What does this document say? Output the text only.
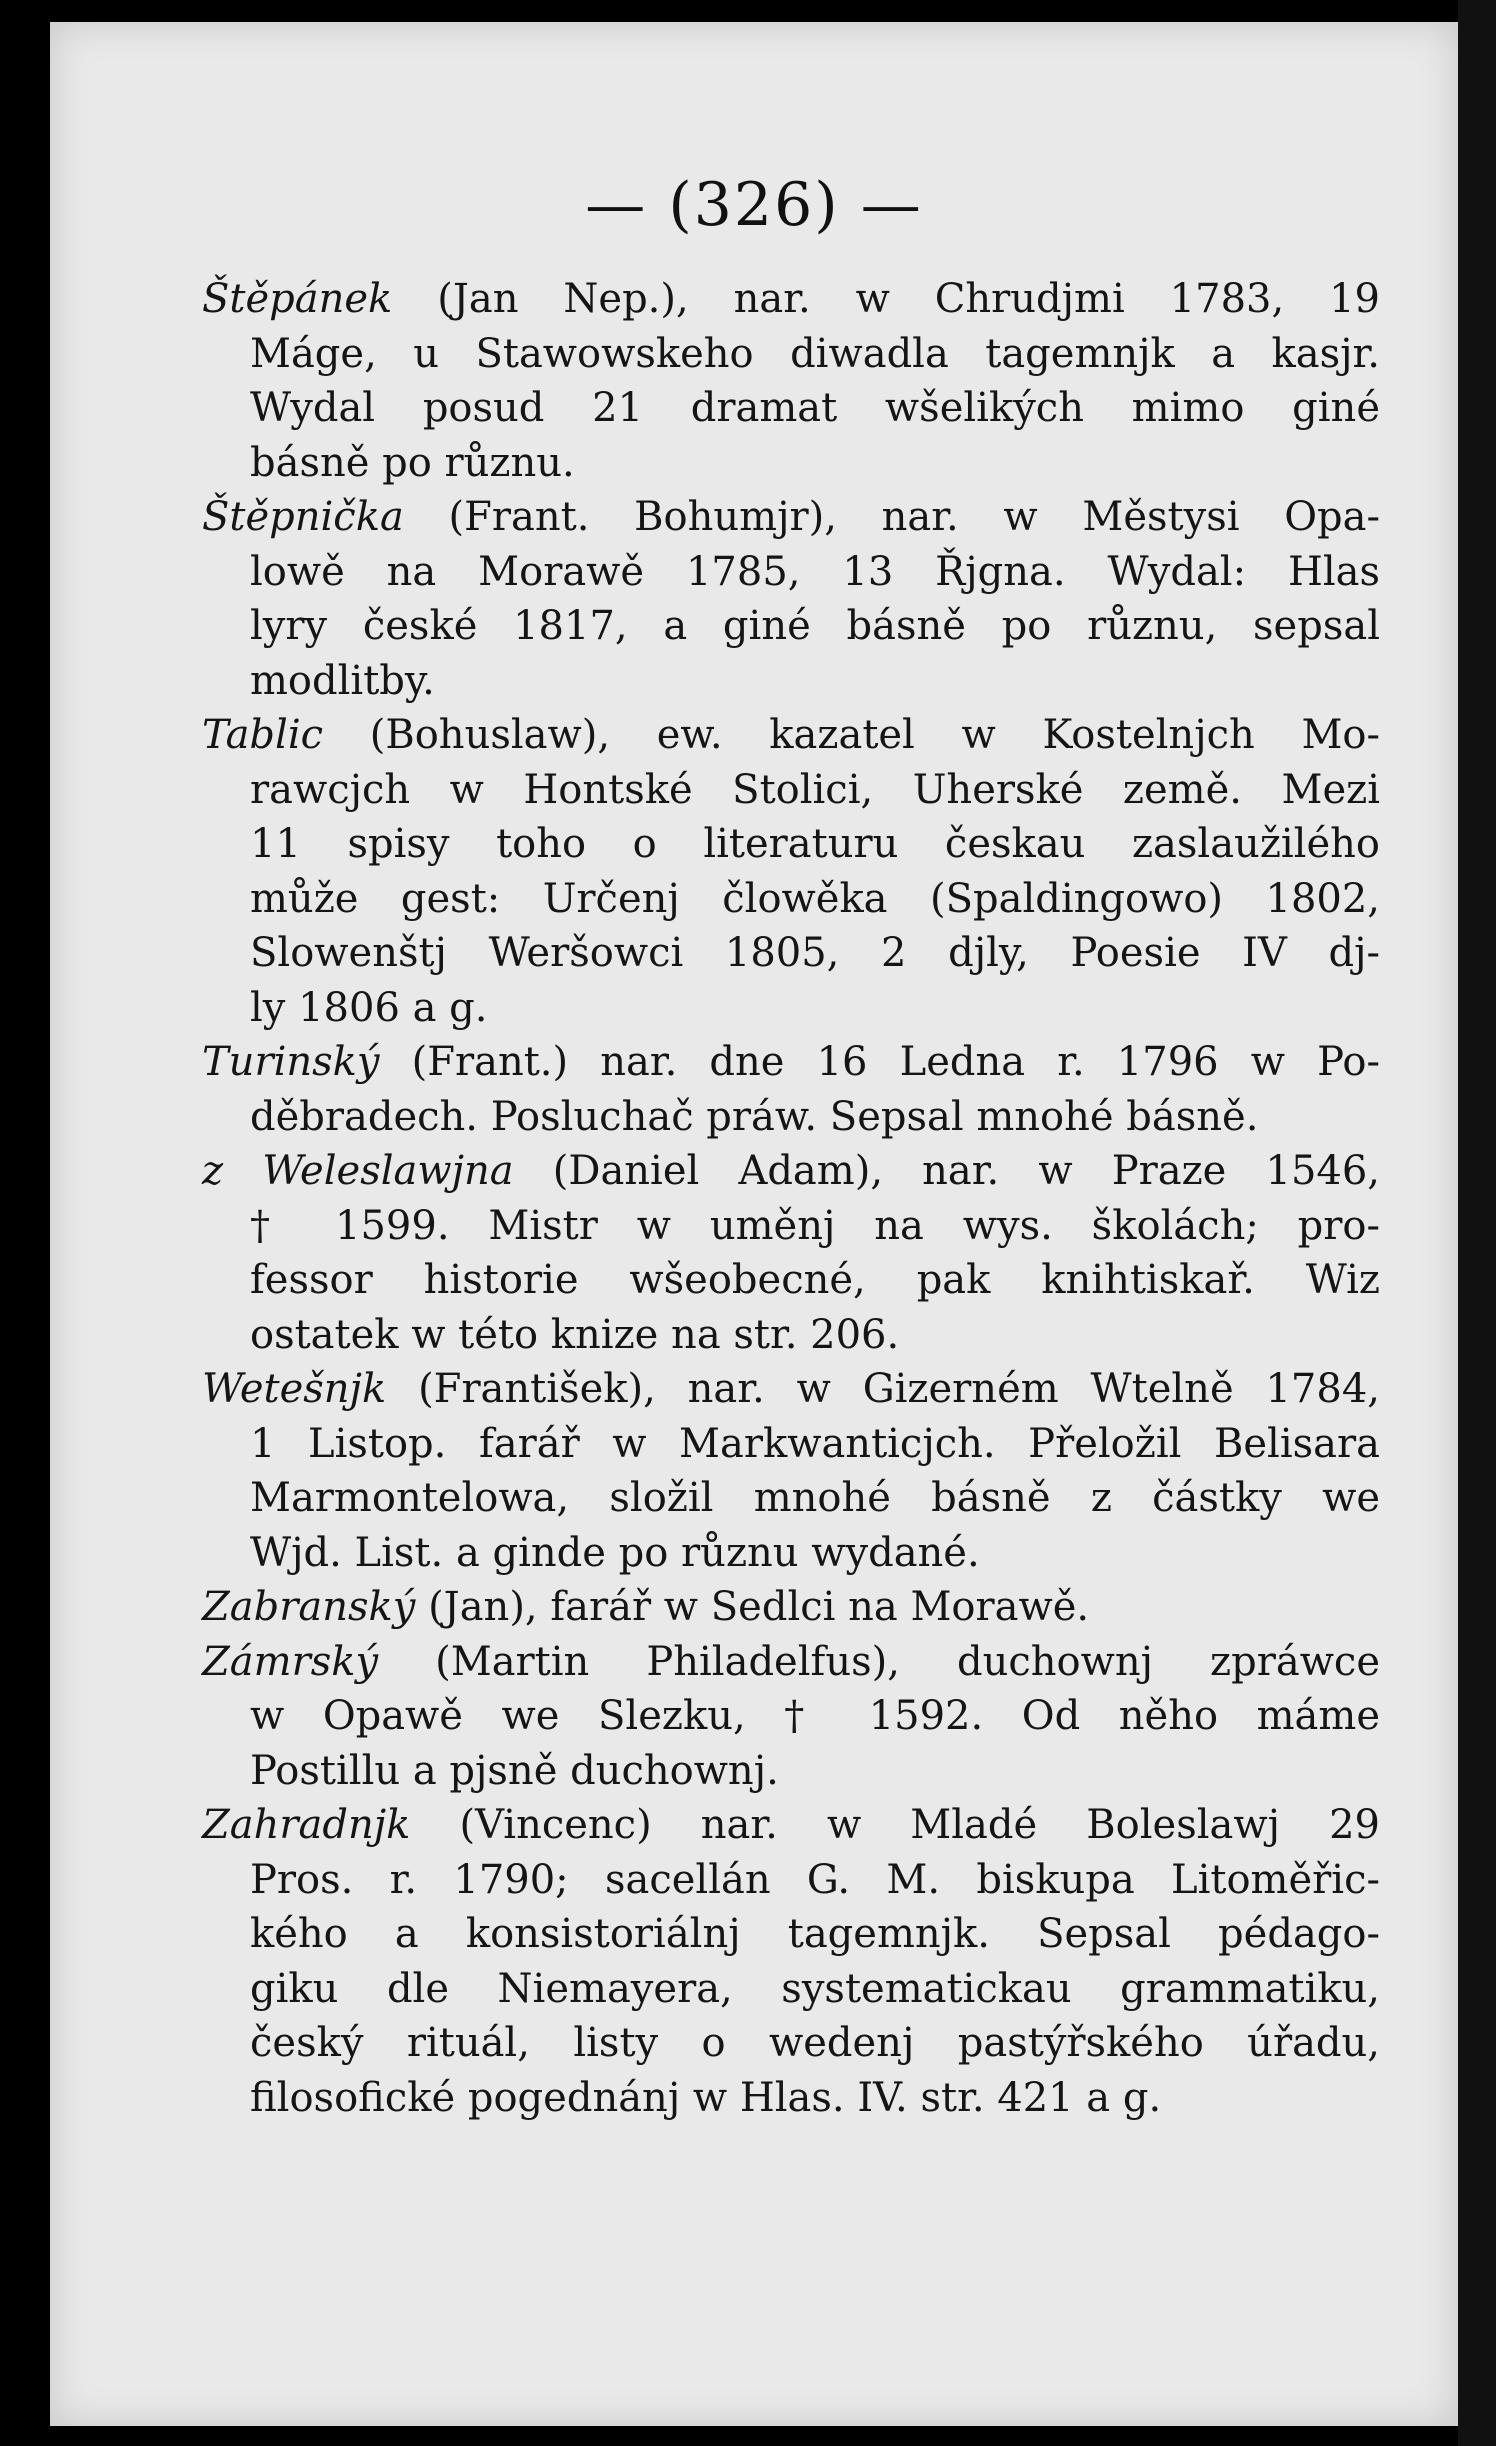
— (326) —
Štěpánek (Jan Nep.), nar. w Chrudjmi 1783, 19
Máge, u Stawowskeho diwadla tagemnjk a kasjr.
Wydal posud 21 dramat wšelikých mimo giné
básně po různu.
Štěpnička (Frant. Bohumjr), nar. w Městysi Opa-
lowě na Morawě 1785, 13 Řjgna. Wydal: Hlas
lyry české 1817, a giné básně po různu, sepsal
modlitby.
Tablic (Bohuslaw), ew. kazatel w Kostelnjch Mo-
rawcjch w Hontské Stolici, Uherské země. Mezi
11 spisy toho o literaturu českau zaslaužilého
může gest: Určenj člowěka (Spaldingowo) 1802,
Slowenštj Weršowci 1805, 2 djly, Poesie IV dj-
ly 1806 a g.
Turinský (Frant.) nar. dne 16 Ledna r. 1796 w Po-
děbradech. Posluchač práw. Sepsal mnohé básně.
z Weleslawjna (Daniel Adam), nar. w Praze 1546,
† 1599. Mistr w uměnj na wys. školách; pro-
fessor historie wšeobecné, pak knihtiskař. Wiz
ostatek w této knize na str. 206.
Wetešnjk (František), nar. w Gizerném Wtelně 1784,
1 Listop. farář w Markwanticjch. Přeložil Belisara
Marmontelowa, složil mnohé básně z částky we
Wjd. List. a ginde po různu wydané.
Zabranský (Jan), farář w Sedlci na Morawě.
Zámrský (Martin Philadelfus), duchownj zpráwce
w Opawě we Slezku, † 1592. Od něho máme
Postillu a pjsně duchownj.
Zahradnjk (Vincenc) nar. w Mladé Boleslawj 29
Pros. r. 1790; sacellán G. M. biskupa Litoměřic-
kého a konsistoriálnj tagemnjk. Sepsal pédago-
giku dle Niemayera, systematickau grammatiku,
český rituál, listy o wedenj pastýřského úřadu,
filosofické pogednánj w Hlas. IV. str. 421 a g.
